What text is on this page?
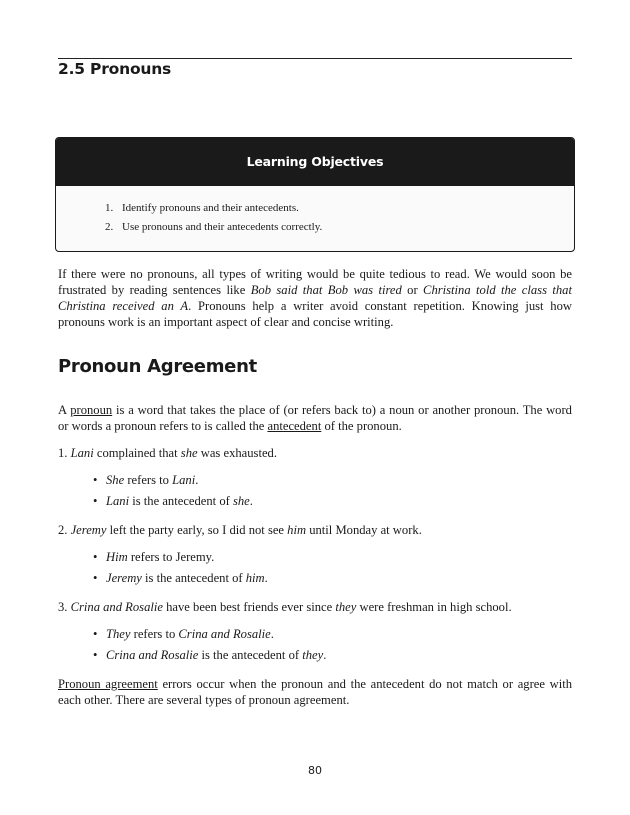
2.5 Pronouns
Learning Objectives
1. Identify pronouns and their antecedents.
2. Use pronouns and their antecedents correctly.

If there were no pronouns, all types of writing would be quite tedious to read. We would soon be frustrated by reading sentences like Bob said that Bob was tired or Christina told the class that Christina received an A. Pronouns help a writer avoid constant repetition. Knowing just how pronouns work is an important aspect of clear and concise writing.

Pronoun Agreement

A pronoun is a word that takes the place of (or refers back to) a noun or another pronoun. The word or words a pronoun refers to is called the antecedent of the pronoun.

1. Lani complained that she was exhausted.

• She refers to Lani.
• Lani is the antecedent of she.

2. Jeremy left the party early, so I did not see him until Monday at work.

• Him refers to Jeremy.
• Jeremy is the antecedent of him.

3. Crina and Rosalie have been best friends ever since they were freshman in high school.

• They refers to Crina and Rosalie.
• Crina and Rosalie is the antecedent of they.

Pronoun agreement errors occur when the pronoun and the antecedent do not match or agree with each other. There are several types of pronoun agreement.

80
